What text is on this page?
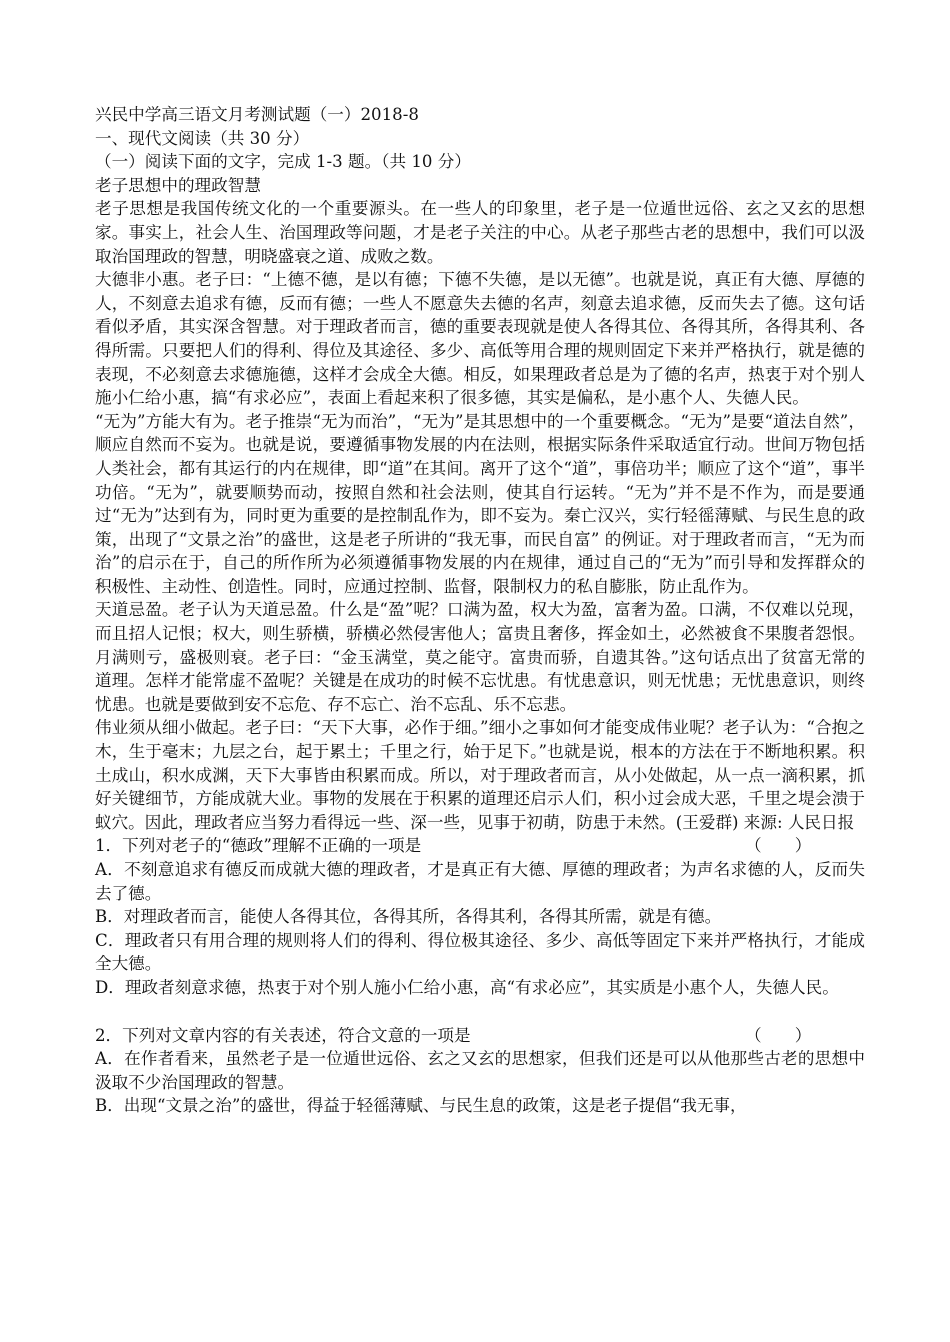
兴民中学高三语文月考测试题（一）2018-8
一、现代文阅读（共 30 分）
（一）阅读下面的文字，完成 1-3 题。（共 10 分）
老子思想中的理政智慧
老子思想是我国传统文化的一个重要源头。在一些人的印象里，老子是一位遁世远俗、玄之又玄的思想家。事实上，社会人生、治国理政等问题，才是老子关注的中心。从老子那些古老的思想中，我们可以汲取治国理政的智慧，明晓盛衰之道、成败之数。
大德非小惠。老子曰：“上德不德，是以有德；下德不失德，是以无德”。也就是说，真正有大德、厚德的人，不刻意去追求有德，反而有德；一些人不愿意失去德的名声，刻意去追求德，反而失去了德。这句话看似矛盾，其实深含智慧。对于理政者而言，德的重要表现就是使人各得其位、各得其所，各得其利、各得所需。只要把人们的得利、得位及其途径、多少、高低等用合理的规则固定下来并严格执行，就是德的表现，不必刻意去求德施德，这样才会成全大德。相反，如果理政者总是为了德的名声，热衷于对个别人施小仁给小惠，搞“有求必应”，表面上看起来积了很多德，其实是偏私，是小惠个人、失德人民。
“无为”方能大有为。老子推崇“无为而治”，“无为”是其思想中的一个重要概念。“无为”是要“道法自然”，顺应自然而不妄为。也就是说，要遵循事物发展的内在法则，根据实际条件采取适宜行动。世间万物包括人类社会，都有其运行的内在规律，即“道”在其间。离开了这个“道”，事倍功半；顺应了这个“道”，事半功倍。“无为”，就要顺势而动，按照自然和社会法则，使其自行运转。“无为”并不是不作为，而是要通过“无为”达到有为，同时更为重要的是控制乱作为，即不妄为。秦亡汉兴，实行轻徭薄赋、与民生息的政策，出现了“文景之治”的盛世，这是老子所讲的“我无事，而民自富” 的例证。对于理政者而言，“无为而治”的启示在于，自己的所作所为必须遵循事物发展的内在规律，通过自己的“无为”而引导和发挥群众的积极性、主动性、创造性。同时，应通过控制、监督，限制权力的私自膨胀，防止乱作为。
天道忌盈。老子认为天道忌盈。什么是“盈”呢？口满为盈，权大为盈，富奢为盈。口满，不仅难以兑现，而且招人记恨；权大，则生骄横，骄横必然侵害他人；富贵且奢侈，挥金如土，必然被食不果腹者怨恨。月满则亏，盛极则衰。老子曰：“金玉满堂，莫之能守。富贵而骄，自遗其咎。”这句话点出了贫富无常的道理。怎样才能常虚不盈呢？关键是在成功的时候不忘忧患。有忧患意识，则无忧患；无忧患意识，则终忧患。也就是要做到安不忘危、存不忘亡、治不忘乱、乐不忘悲。
伟业须从细小做起。老子曰：“天下大事，必作于细。”细小之事如何才能变成伟业呢？老子认为：“合抱之木，生于毫末；九层之台，起于累土；千里之行，始于足下。”也就是说，根本的方法在于不断地积累。积土成山，积水成渊，天下大事皆由积累而成。所以，对于理政者而言，从小处做起，从一点一滴积累，抓好关键细节，方能成就大业。事物的发展在于积累的道理还启示人们，积小过会成大恶，千里之堤会溃于蚁穴。因此，理政者应当努力看得远一些、深一些，见事于初萌，防患于未然。(王爱群) 来源: 人民日报
1．下列对老子的“德政”理解不正确的一项是	（　　）
A．不刻意追求有德反而成就大德的理政者，才是真正有大德、厚德的理政者；为声名求德的人，反而失去了德。
B．对理政者而言，能使人各得其位，各得其所，各得其利，各得其所需，就是有德。
C．理政者只有用合理的规则将人们的得利、得位极其途径、多少、高低等固定下来并严格执行，才能成全大德。
D．理政者刻意求德，热衷于对个别人施小仁给小惠，高“有求必应”，其实质是小惠个人，失德人民。
2．下列对文章内容的有关表述，符合文意的一项是	（　　）
A．在作者看来，虽然老子是一位遁世远俗、玄之又玄的思想家，但我们还是可以从他那些古老的思想中汲取不少治国理政的智慧。
B．出现“文景之治”的盛世，得益于轻徭薄赋、与民生息的政策，这是老子提倡“我无事，
